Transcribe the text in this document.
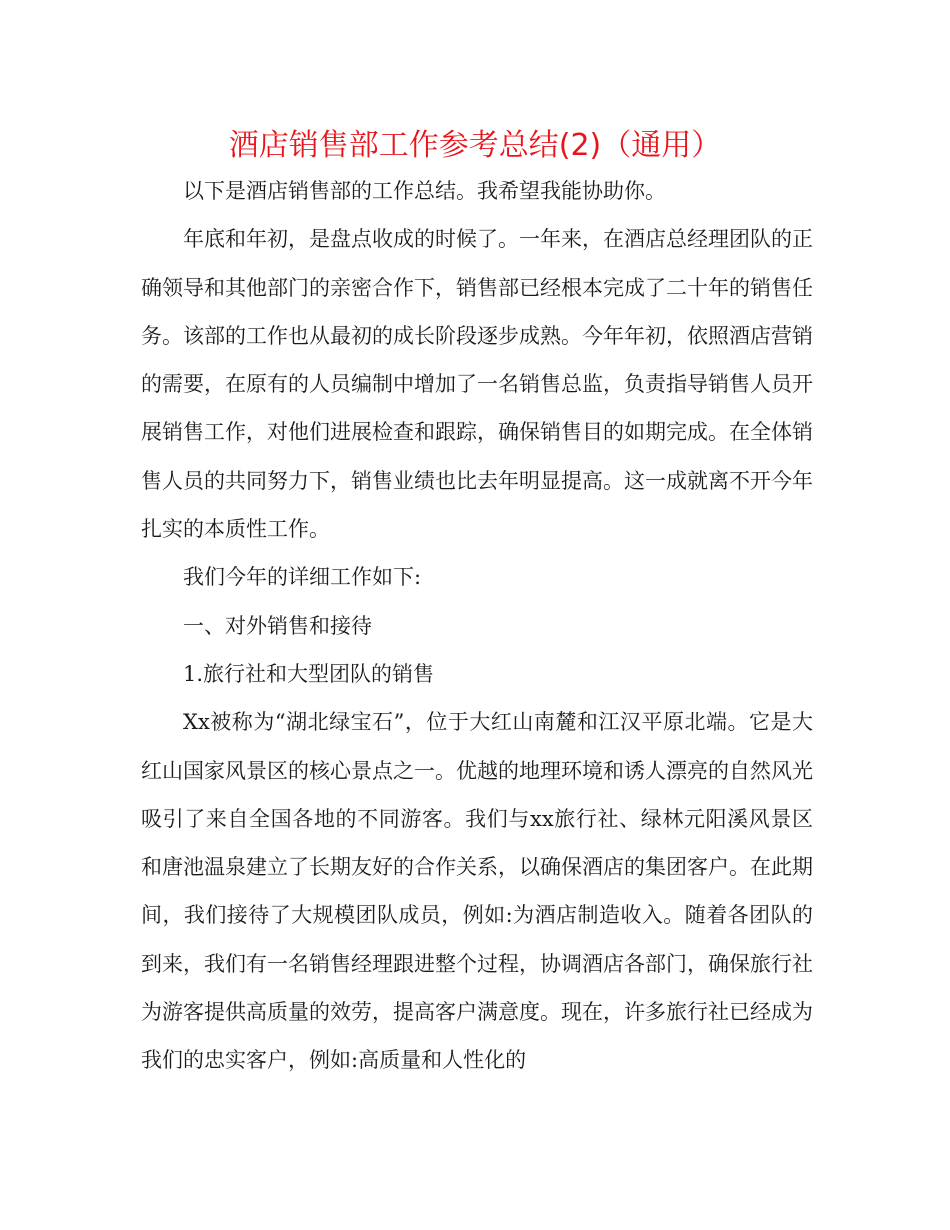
酒店销售部工作参考总结(2)（通用）

以下是酒店销售部的工作总结。我希望我能协助你。

年底和年初，是盘点收成的时候了。一年来，在酒店总经理团队的正确领导和其他部门的亲密合作下，销售部已经根本完成了二十年的销售任务。该部的工作也从最初的成长阶段逐步成熟。今年年初，依照酒店营销的需要，在原有的人员编制中增加了一名销售总监，负责指导销售人员开展销售工作，对他们进展检查和跟踪，确保销售目的如期完成。在全体销售人员的共同努力下，销售业绩也比去年明显提高。这一成就离不开今年扎实的本质性工作。

我们今年的详细工作如下:

一、对外销售和接待

1.旅行社和大型团队的销售

Xx被称为“湖北绿宝石”，位于大红山南麓和江汉平原北端。它是大红山国家风景区的核心景点之一。优越的地理环境和诱人漂亮的自然风光吸引了来自全国各地的不同游客。我们与xx旅行社、绿林元阳溪风景区和唐池温泉建立了长期友好的合作关系，以确保酒店的集团客户。在此期间，我们接待了大规模团队成员，例如:为酒店制造收入。随着各团队的到来，我们有一名销售经理跟进整个过程，协调酒店各部门，确保旅行社为游客提供高质量的效劳，提高客户满意度。现在，许多旅行社已经成为我们的忠实客户，例如:高质量和人性化的
